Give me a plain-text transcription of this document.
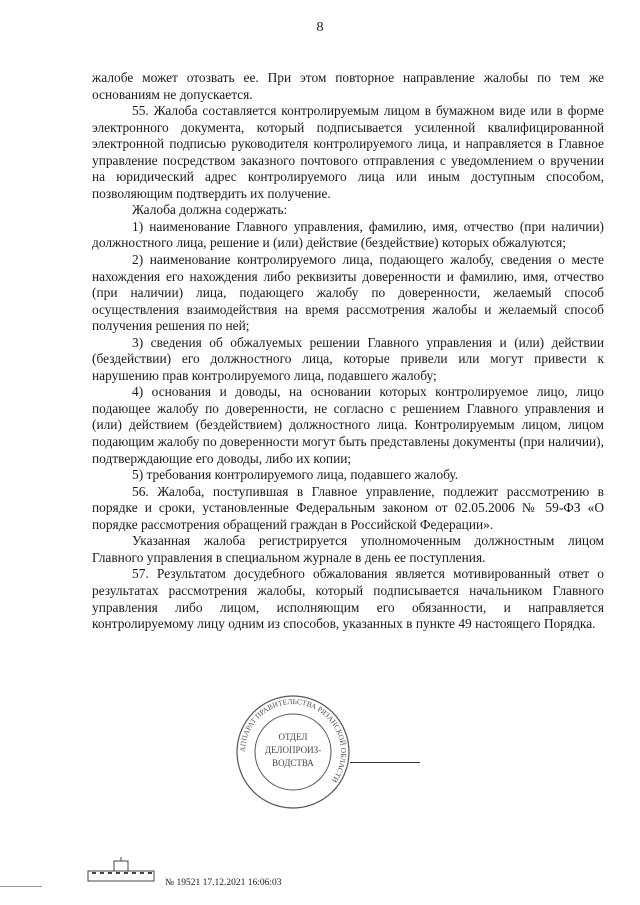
8

жалобе может отозвать ее. При этом повторное направление жалобы по тем же основаниям не допускается.

55. Жалоба составляется контролируемым лицом в бумажном виде или в форме электронного документа, который подписывается усиленной квалифицированной электронной подписью руководителя контролируемого лица, и направляется в Главное управление посредством заказного почтового отправления с уведомлением о вручении на юридический адрес контролируемого лица или иным доступным способом, позволяющим подтвердить их получение.

Жалоба должна содержать:

1) наименование Главного управления, фамилию, имя, отчество (при наличии) должностного лица, решение и (или) действие (бездействие) которых обжалуются;

2) наименование контролируемого лица, подающего жалобу, сведения о месте нахождения его нахождения либо реквизиты доверенности и фамилию, имя, отчество (при наличии) лица, подающего жалобу по доверенности, желаемый способ осуществления взаимодействия на время рассмотрения жалобы и желаемый способ получения решения по ней;

3) сведения об обжалуемых решении Главного управления и (или) действии (бездействии) его должностного лица, которые привели или могут привести к нарушению прав контролируемого лица, подавшего жалобу;

4) основания и доводы, на основании которых контролируемое лицо, лицо подающее жалобу по доверенности, не согласно с решением Главного управления и (или) действием (бездействием) должностного лица. Контролируемым лицом, лицом подающим жалобу по доверенности могут быть представлены документы (при наличии), подтверждающие его доводы, либо их копии;

5) требования контролируемого лица, подавшего жалобу.

56. Жалоба, поступившая в Главное управление, подлежит рассмотрению в порядке и сроки, установленные Федеральным законом от 02.05.2006 № 59-ФЗ «О порядке рассмотрения обращений граждан в Российской Федерации».

Указанная жалоба регистрируется уполномоченным должностным лицом Главного управления в специальном журнале в день ее поступления.

57. Результатом досудебного обжалования является мотивированный ответ о результатах рассмотрения жалобы, который подписывается начальником Главного управления либо лицом, исполняющим его обязанности, и направляется контролируемому лицу одним из способов, указанных в пункте 49 настоящего Порядка.

АППАРАТ ПРАВИТЕЛЬСТВА РЯЗАНСКОЙ ОБЛАСТИ
ОТДЕЛ
ДЕЛОПРОИЗ-
ВОДСТВА
№ 19521 17.12.2021 16:06:03
